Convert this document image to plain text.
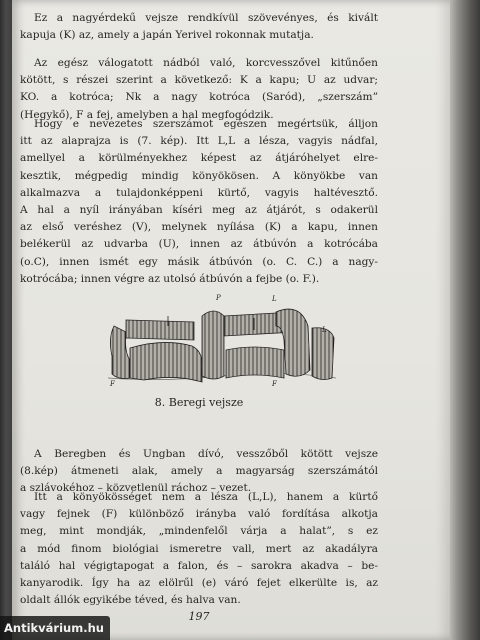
Ez a nagyérdekű vejsze rendkívül szövevényes, és kivált
kapuja (K) az, amely a japán Yerivel rokonnak mutatja.
Az egész válogatott nádból való, korcvesszővel kitűnően
kötött, s részei szerint a következő: K a kapu; U az udvar;
KO. a kotróca; Nk a nagy kotróca (Saród), „szerszám”
(Hegykő), F a fej, amelyben a hal megfogódzik.
Hogy e nevezetes szerszámot egészen megértsük, álljon
itt az alaprajza is (7. kép). Itt L,L a lésza, vagyis nádfal,
amellyel a körülményekhez képest az átjáróhelyet elre-
kesztik, mégpedig mindig könyökösen. A könyökbe van
alkalmazva a tulajdonképpeni kürtő, vagyis haltévesztő.
A hal a nyíl irányában kíséri meg az átjárót, s odakerül
az első veréshez (V), melynek nyílása (K) a kapu, innen
belékerül az udvarba (U), innen az átbúvón a kotrócába
(o.C), innen ismét egy másik átbúvón (o. C. C.) a nagy-
kotrócába; innen végre az utolsó átbúvón a fejbe (o. F.).
P	L
L
F	F
8. Beregi vejsze
A Beregben és Ungban dívó, vesszőből kötött vejsze
(8.kép) átmeneti alak, amely a magyarság szerszámától
a szlávokéhoz – közvetlenül ráchoz – vezet.
Itt a könyökösséget nem a lésza (L,L), hanem a kürtő
vagy fejnek (F) különböző irányba való fordítása alkotja
meg, mint mondják, „mindenfelől várja a halat”, s ez
a mód finom biológiai ismeretre vall, mert az akadályra
találó hal végigtapogat a falon, és – sarokra akadva – be-
kanyarodik. Így ha az elölrűl (e) váró fejet elkerülte is, az
oldalt állók egyikébe téved, és halva van.
197
Antikvárium.hu
